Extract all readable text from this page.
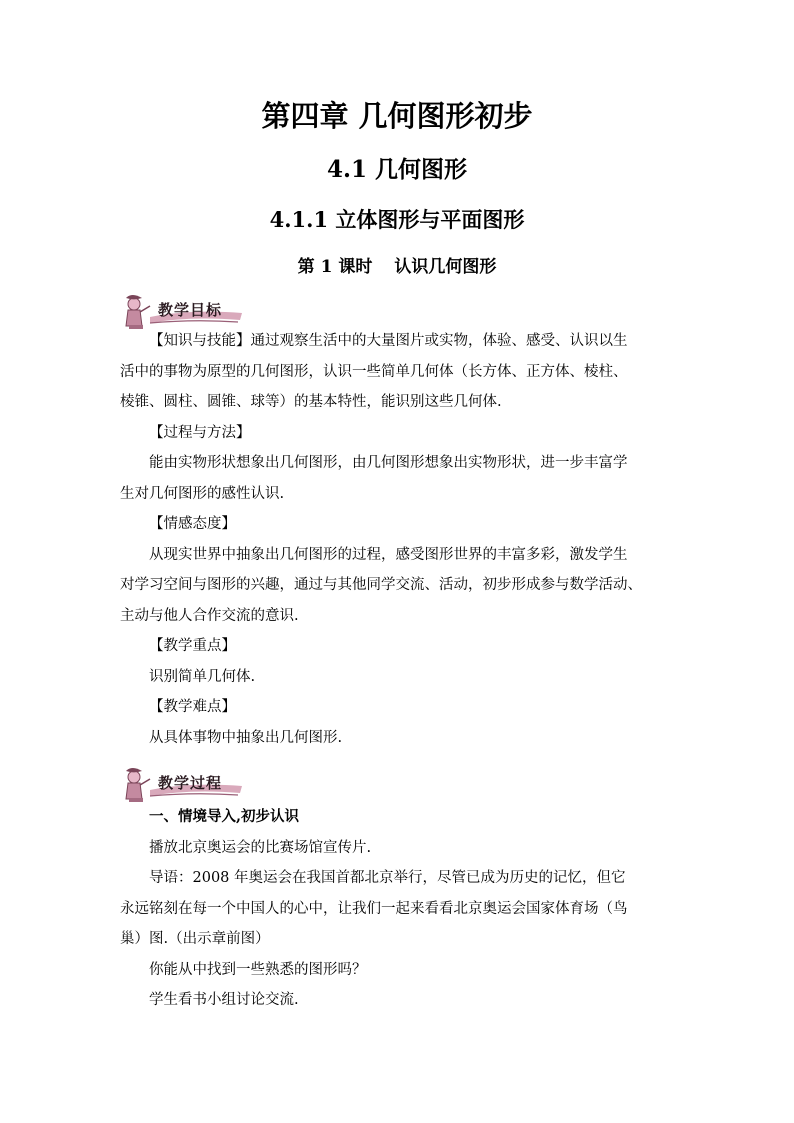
第四章 几何图形初步
4.1 几何图形
4.1.1 立体图形与平面图形
第 1 课时 认识几何图形
教学目标
【知识与技能】通过观察生活中的大量图片或实物，体验、感受、认识以生
活中的事物为原型的几何图形，认识一些简单几何体（长方体、正方体、棱柱、
棱锥、圆柱、圆锥、球等）的基本特性，能识别这些几何体.
【过程与方法】
能由实物形状想象出几何图形，由几何图形想象出实物形状，进一步丰富学
生对几何图形的感性认识.
【情感态度】
从现实世界中抽象出几何图形的过程，感受图形世界的丰富多彩，激发学生
对学习空间与图形的兴趣，通过与其他同学交流、活动，初步形成参与数学活动、
主动与他人合作交流的意识.
【教学重点】
识别简单几何体.
【教学难点】
从具体事物中抽象出几何图形.
教学过程
一、情境导入,初步认识
播放北京奥运会的比赛场馆宣传片.
导语：2008 年奥运会在我国首都北京举行，尽管已成为历史的记忆，但它
永远铭刻在每一个中国人的心中，让我们一起来看看北京奥运会国家体育场（鸟
巢）图.（出示章前图）
你能从中找到一些熟悉的图形吗？
学生看书小组讨论交流.
